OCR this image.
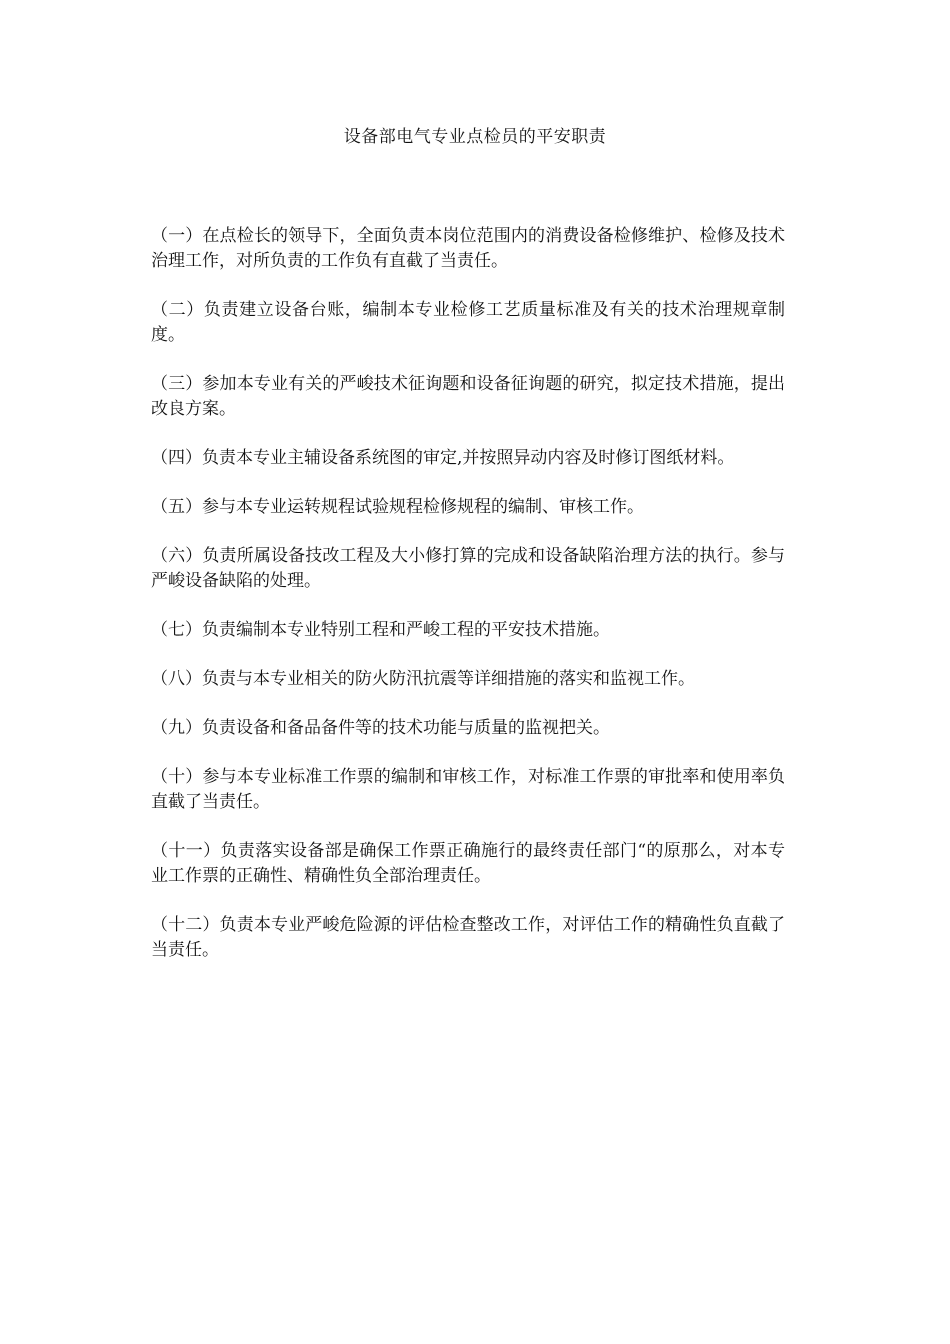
设备部电气专业点检员的平安职责
（一）在点检长的领导下，全面负责本岗位范围内的消费设备检修维护、检修及技术治理工作，对所负责的工作负有直截了当责任。
（二）负责建立设备台账，编制本专业检修工艺质量标准及有关的技术治理规章制度。
（三）参加本专业有关的严峻技术征询题和设备征询题的研究，拟定技术措施，提出改良方案。
（四）负责本专业主辅设备系统图的审定,并按照异动内容及时修订图纸材料。
（五）参与本专业运转规程试验规程检修规程的编制、审核工作。
（六）负责所属设备技改工程及大小修打算的完成和设备缺陷治理方法的执行。参与严峻设备缺陷的处理。
（七）负责编制本专业特别工程和严峻工程的平安技术措施。
（八）负责与本专业相关的防火防汛抗震等详细措施的落实和监视工作。
（九）负责设备和备品备件等的技术功能与质量的监视把关。
（十）参与本专业标准工作票的编制和审核工作，对标准工作票的审批率和使用率负直截了当责任。
（十一）负责落实设备部是确保工作票正确施行的最终责任部门“的原那么，对本专业工作票的正确性、精确性负全部治理责任。
（十二）负责本专业严峻危险源的评估检查整改工作，对评估工作的精确性负直截了当责任。
